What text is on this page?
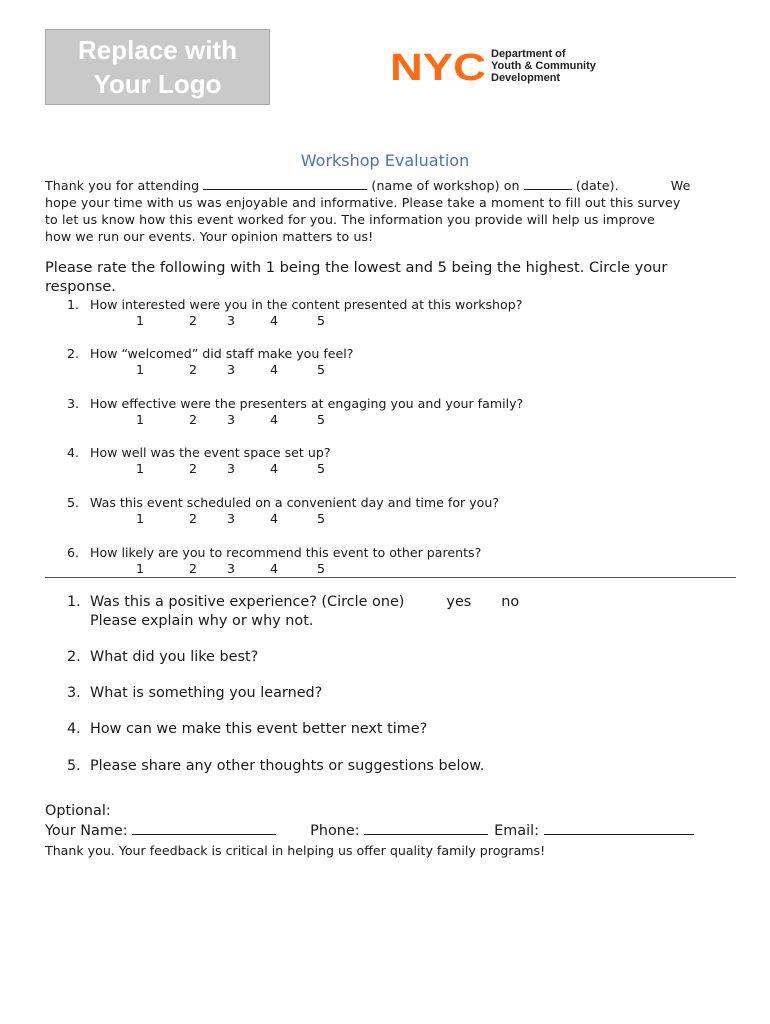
Replace with
Your Logo	NYC Department of
Youth & Community
Development
Workshop Evaluation
Thank you for attending	(name of workshop) on	(date).	We
hope your time with us was enjoyable and informative. Please take a moment to fill out this survey
to let us know how this event worked for you. The information you provide will help us improve
how we run our events. Your opinion matters to us!
Please rate the following with 1 being the lowest and 5 being the highest. Circle your
response.
1. How interested were you in the content presented at this workshop?
1	2 3	4	5
2. How “welcomed” did staff make you feel?
1	2 3	4	5
3. How effective were the presenters at engaging you and your family?
1	2 3	4	5
4. How well was the event space set up?
1	2 3	4	5
5. Was this event scheduled on a convenient day and time for you?
1	2 3	4	5
6. How likely are you to recommend this event to other parents?
1	2 3	4	5
1. Was this a positive experience? (Circle one)	yes no
Please explain why or why not.
2. What did you like best?
3. What is something you learned?
4. How can we make this event better next time?
5. Please share any other thoughts or suggestions below.
Optional:
Your Name:	Phone:	Email:
Thank you. Your feedback is critical in helping us offer quality family programs!
